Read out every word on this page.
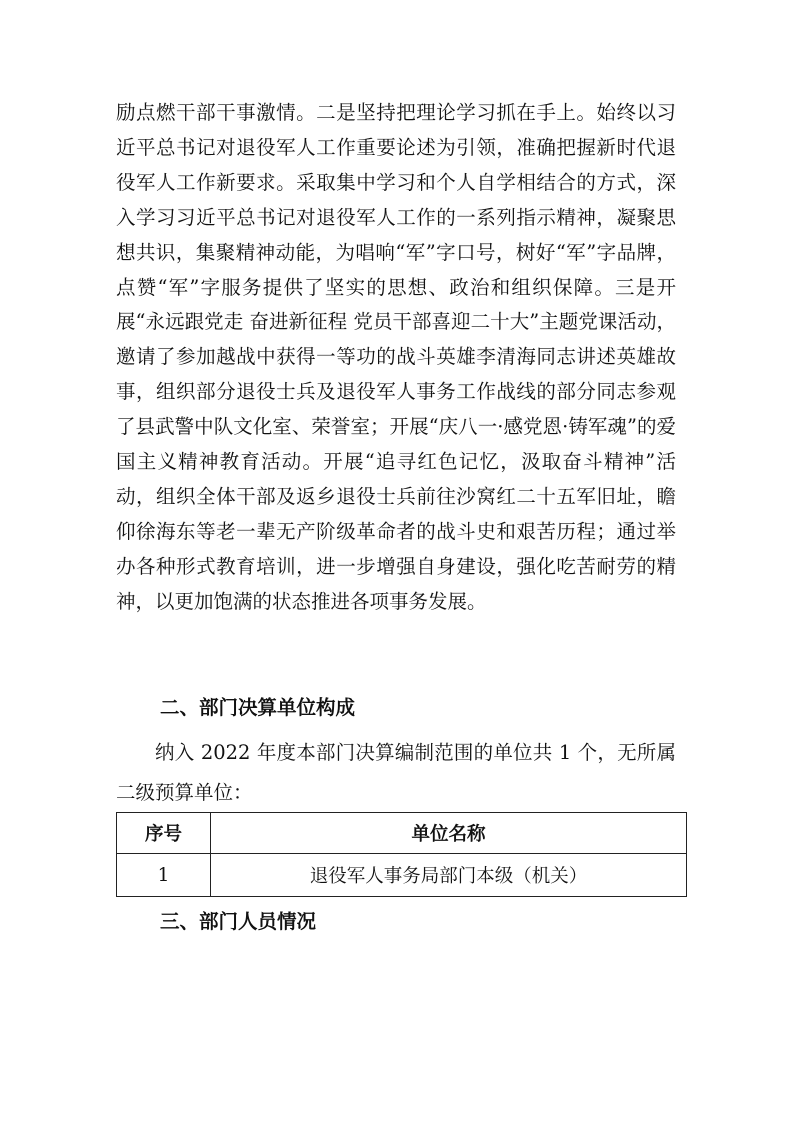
励点燃干部干事激情。二是坚持把理论学习抓在手上。始终以习近平总书记对退役军人工作重要论述为引领，准确把握新时代退役军人工作新要求。采取集中学习和个人自学相结合的方式，深入学习习近平总书记对退役军人工作的一系列指示精神，凝聚思想共识，集聚精神动能，为唱响“军”字口号，树好“军”字品牌，点赞“军”字服务提供了坚实的思想、政治和组织保障。三是开展“永远跟党走 奋进新征程 党员干部喜迎二十大”主题党课活动，邀请了参加越战中获得一等功的战斗英雄李清海同志讲述英雄故事，组织部分退役士兵及退役军人事务工作战线的部分同志参观了县武警中队文化室、荣誉室；开展“庆八一·感党恩·铸军魂”的爱国主义精神教育活动。开展“追寻红色记忆，汲取奋斗精神”活动，组织全体干部及返乡退役士兵前往沙窝红二十五军旧址，瞻仰徐海东等老一辈无产阶级革命者的战斗史和艰苦历程；通过举办各种形式教育培训，进一步增强自身建设，强化吃苦耐劳的精神，以更加饱满的状态推进各项事务发展。

二、部门决算单位构成

纳入 2022 年度本部门决算编制范围的单位共 1 个，无所属二级预算单位：

序号	单位名称
1	退役军人事务局部门本级（机关）
三、部门人员情况
